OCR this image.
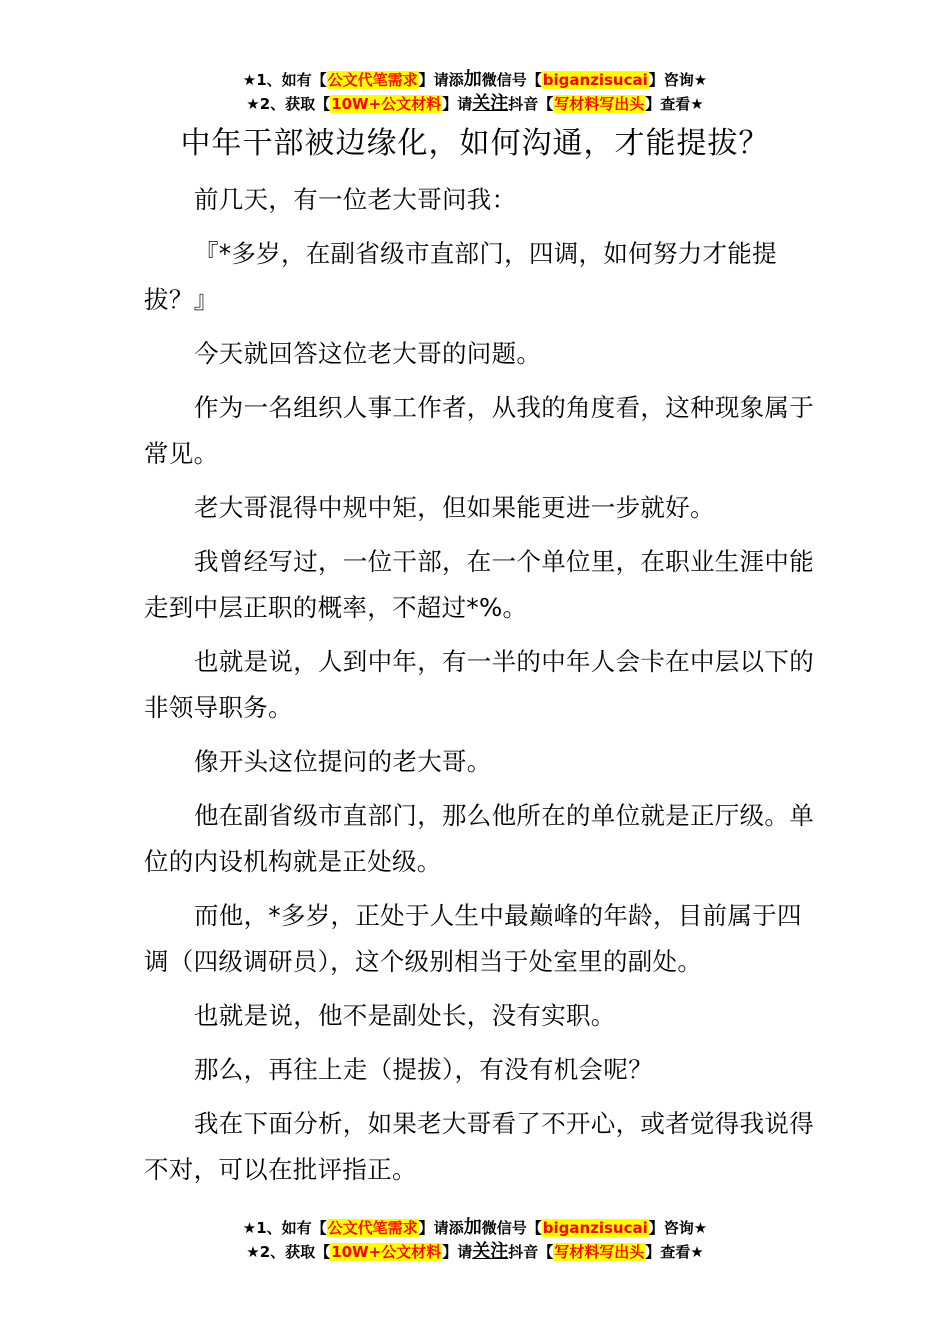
★1、如有【公文代笔需求】请添加微信号【biganzisucai】咨询★
★2、获取【10W+公文材料】请关注抖音【写材料写出头】查看★
中年干部被边缘化，如何沟通，才能提拔？

前几天，有一位老大哥问我：

『*多岁，在副省级市直部门，四调，如何努力才能提拔？』

今天就回答这位老大哥的问题。

作为一名组织人事工作者，从我的角度看，这种现象属于常见。

老大哥混得中规中矩，但如果能更进一步就好。

我曾经写过，一位干部，在一个单位里，在职业生涯中能走到中层正职的概率，不超过*%。

也就是说，人到中年，有一半的中年人会卡在中层以下的非领导职务。

像开头这位提问的老大哥。

他在副省级市直部门，那么他所在的单位就是正厅级。单位的内设机构就是正处级。

而他，*多岁，正处于人生中最巅峰的年龄，目前属于四调（四级调研员），这个级别相当于处室里的副处。

也就是说，他不是副处长，没有实职。

那么，再往上走（提拔），有没有机会呢？

我在下面分析，如果老大哥看了不开心，或者觉得我说得不对，可以在批评指正。

★1、如有【公文代笔需求】请添加微信号【biganzisucai】咨询★
★2、获取【10W+公文材料】请关注抖音【写材料写出头】查看★
